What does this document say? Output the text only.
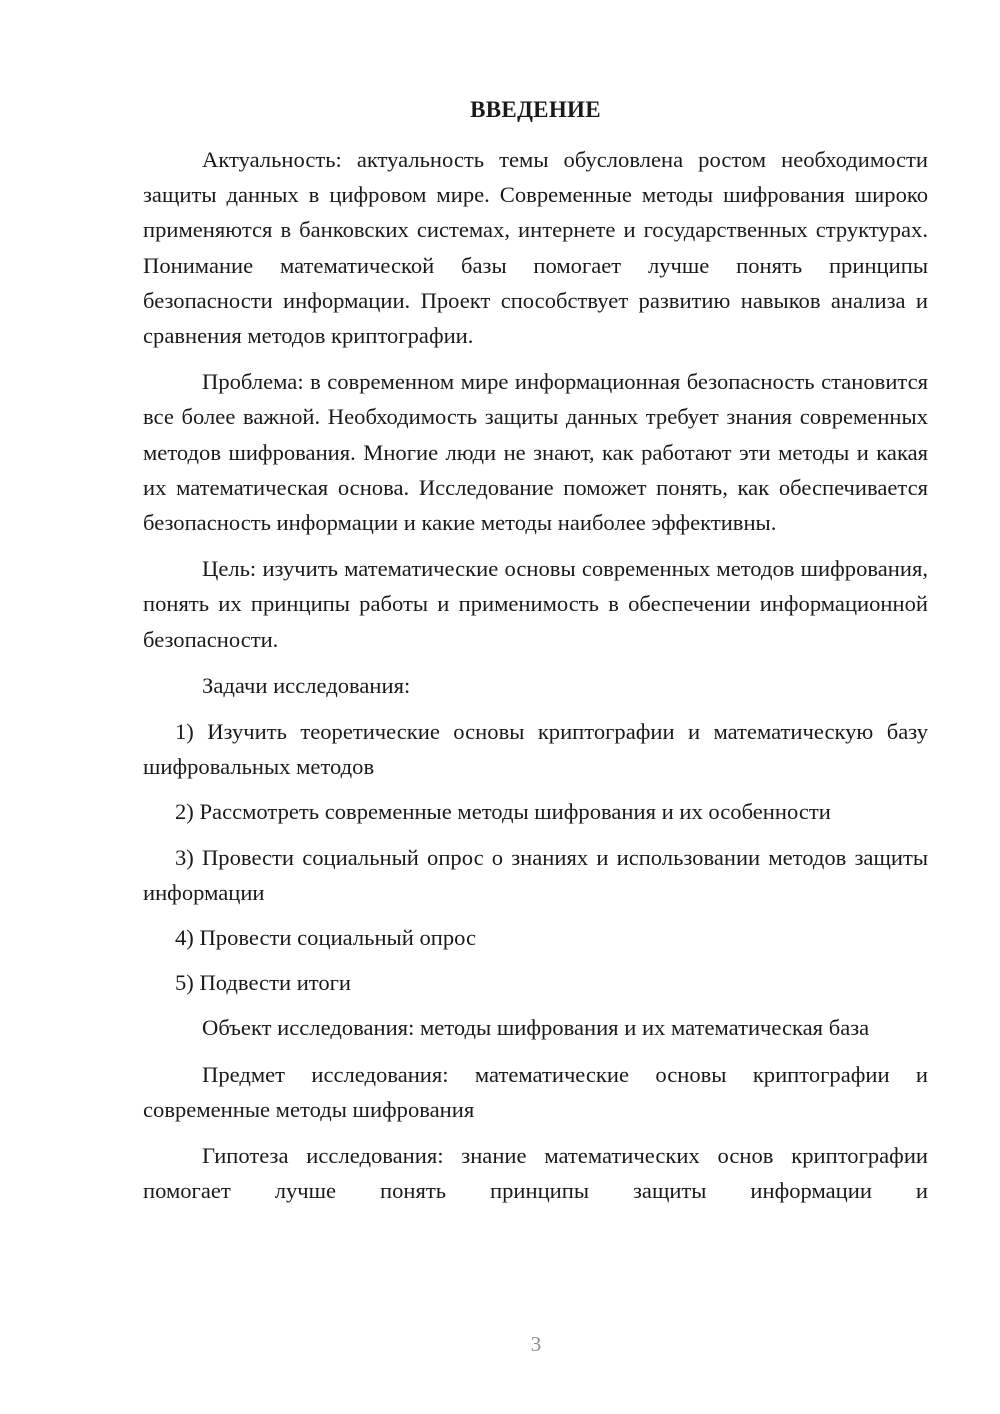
ВВЕДЕНИЕ

Актуальность: актуальность темы обусловлена ростом необходимости защиты данных в цифровом мире. Современные методы шифрования широко применяются в банковских системах, интернете и государственных структурах. Понимание математической базы помогает лучше понять принципы безопасности информации. Проект способствует развитию навыков анализа и сравнения методов криптографии.

Проблема: в современном мире информационная безопасность становится все более важной. Необходимость защиты данных требует знания современных методов шифрования. Многие люди не знают, как работают эти методы и какая их математическая основа. Исследование поможет понять, как обеспечивается безопасность информации и какие методы наиболее эффективны.

Цель: изучить математические основы современных методов шифрования, понять их принципы работы и применимость в обеспечении информационной безопасности.

Задачи исследования:

1) Изучить теоретические основы криптографии и математическую базу шифровальных методов

2) Рассмотреть современные методы шифрования и их особенности

3) Провести социальный опрос о знаниях и использовании методов защиты информации

4) Провести социальный опрос

5) Подвести итоги

Объект исследования: методы шифрования и их математическая база

Предмет исследования: математические основы криптографии и современные методы шифрования

Гипотеза исследования: знание математических основ криптографии помогает лучше понять принципы защиты информации и

3
